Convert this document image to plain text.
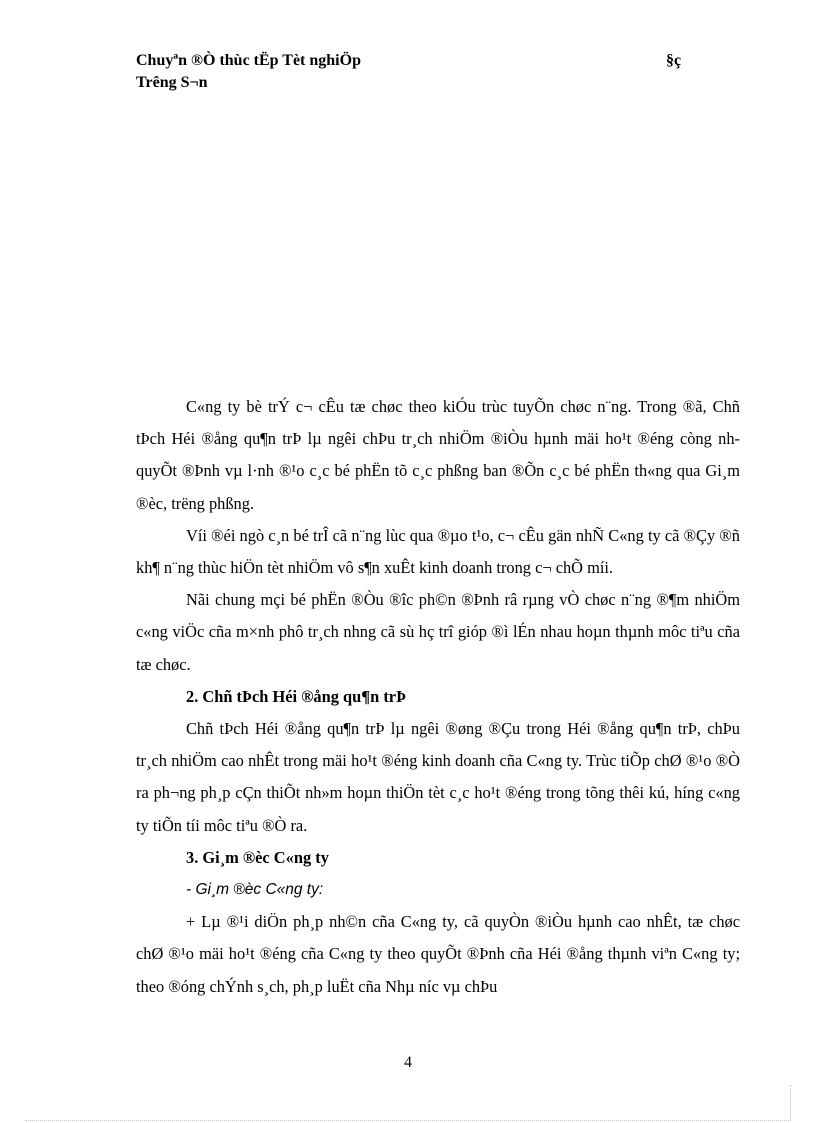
Chuyªn ®Ò thùc tËp Tèt nghiÖp
Trêng S¬n
§ç

C«ng ty bè trÝ c¬ cÊu tæ chøc theo kiÓu trùc tuyÕn chøc n¨ng. Trong ®ã, Chñ tÞch Héi ®ång qu¶n trÞ lµ ngêi chÞu tr¸ch nhiÖm ®iÒu hµnh mäi ho¹t ®éng còng nh quyÕt ®Þnh vµ l·nh ®¹o c¸c bé phËn tõ c¸c phßng ban ®Õn c¸c bé phËn th«ng qua Gi¸m ®èc, trëng phßng.

Víi ®éi ngò c¸n bé trÎ cã n¨ng lùc qua ®µo t¹o, c¬ cÊu gän nhÑ C«ng ty cã ®Çy ®ñ kh¶ n¨ng thùc hiÖn tèt nhiÖm vô s¶n xuÊt kinh doanh trong c¬ chÕ míi.

Nãi chung mçi bé phËn ®Òu ®îc ph©n ®Þnh râ rµng vÒ chøc n¨ng ®¶m nhiÖm c«ng viÖc cña m×nh phô tr¸ch nhng cã sù hç trî gióp ®ì lÉn nhau hoµn thµnh môc tiªu cña tæ chøc.

2. Chñ tÞch Héi ®ång qu¶n trÞ

Chñ tÞch Héi ®ång qu¶n trÞ lµ ngêi ®øng ®Çu trong Héi ®ång qu¶n trÞ, chÞu tr¸ch nhiÖm cao nhÊt trong mäi ho¹t ®éng kinh doanh cña C«ng ty. Trùc tiÕp chØ ®¹o ®Ò ra ph¬ng ph¸p cÇn thiÕt nh»m hoµn thiÖn tèt c¸c ho¹t ®éng trong tõng thêi kú, híng c«ng ty tiÕn tíi môc tiªu ®Ò ra.

3. Gi¸m ®èc C«ng ty

- Gi¸m ®èc C«ng ty:

+ Lµ ®¹i diÖn ph¸p nh©n cña C«ng ty, cã quyÒn ®iÒu hµnh cao nhÊt, tæ chøc chØ ®¹o mäi ho¹t ®éng cña C«ng ty theo quyÕt ®Þnh cña Héi ®ång thµnh viªn C«ng ty; theo ®óng chÝnh s¸ch, ph¸p luËt cña Nhµ níc vµ chÞu

4
